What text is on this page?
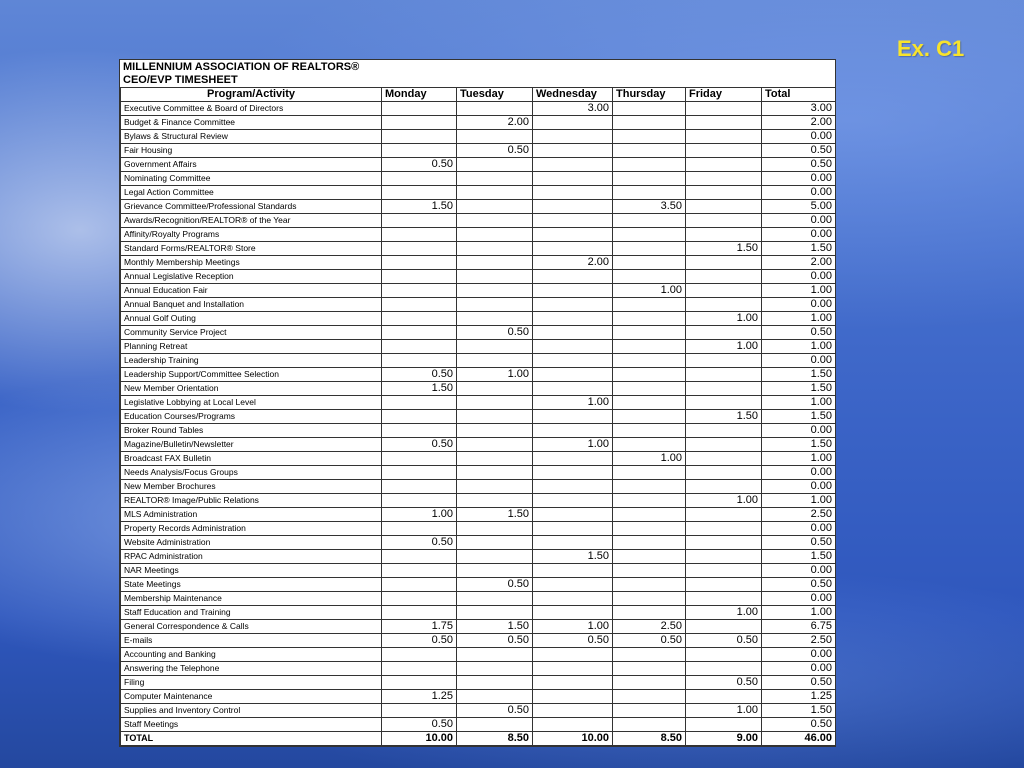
Ex. C1
MILLENNIUM ASSOCIATION OF REALTORS®
CEO/EVP TIMESHEET
Program/Activity	Monday	Tuesday	Wednesday	Thursday	Friday	Total
Executive Committee & Board of Directors			3.00			3.00
Budget & Finance Committee		2.00				2.00
Bylaws & Structural Review						0.00
Fair Housing		0.50				0.50
Government Affairs	0.50					0.50
Nominating Committee						0.00
Legal Action Committee						0.00
Grievance Committee/Professional Standards	1.50			3.50		5.00
Awards/Recognition/REALTOR® of the Year						0.00
Affinity/Royalty Programs						0.00
Standard Forms/REALTOR® Store					1.50	1.50
Monthly Membership Meetings			2.00			2.00
Annual Legislative Reception						0.00
Annual Education Fair				1.00		1.00
Annual Banquet and Installation						0.00
Annual Golf Outing					1.00	1.00
Community Service Project		0.50				0.50
Planning Retreat					1.00	1.00
Leadership Training						0.00
Leadership Support/Committee Selection	0.50	1.00				1.50
New Member Orientation	1.50					1.50
Legislative Lobbying at Local Level			1.00			1.00
Education Courses/Programs					1.50	1.50
Broker Round Tables						0.00
Magazine/Bulletin/Newsletter	0.50		1.00			1.50
Broadcast FAX Bulletin				1.00		1.00
Needs Analysis/Focus Groups						0.00
New Member Brochures						0.00
REALTOR® Image/Public Relations					1.00	1.00
MLS Administration	1.00	1.50				2.50
Property Records Administration						0.00
Website Administration	0.50					0.50
RPAC Administration			1.50			1.50
NAR Meetings						0.00
State Meetings		0.50				0.50
Membership Maintenance						0.00
Staff Education and Training					1.00	1.00
General Correspondence & Calls	1.75	1.50	1.00	2.50		6.75
E-mails	0.50	0.50	0.50	0.50	0.50	2.50
Accounting and Banking						0.00
Answering the Telephone						0.00
Filing					0.50	0.50
Computer Maintenance	1.25					1.25
Supplies and Inventory Control		0.50			1.00	1.50
Staff Meetings	0.50					0.50
TOTAL	10.00	8.50	10.00	8.50	9.00	46.00
